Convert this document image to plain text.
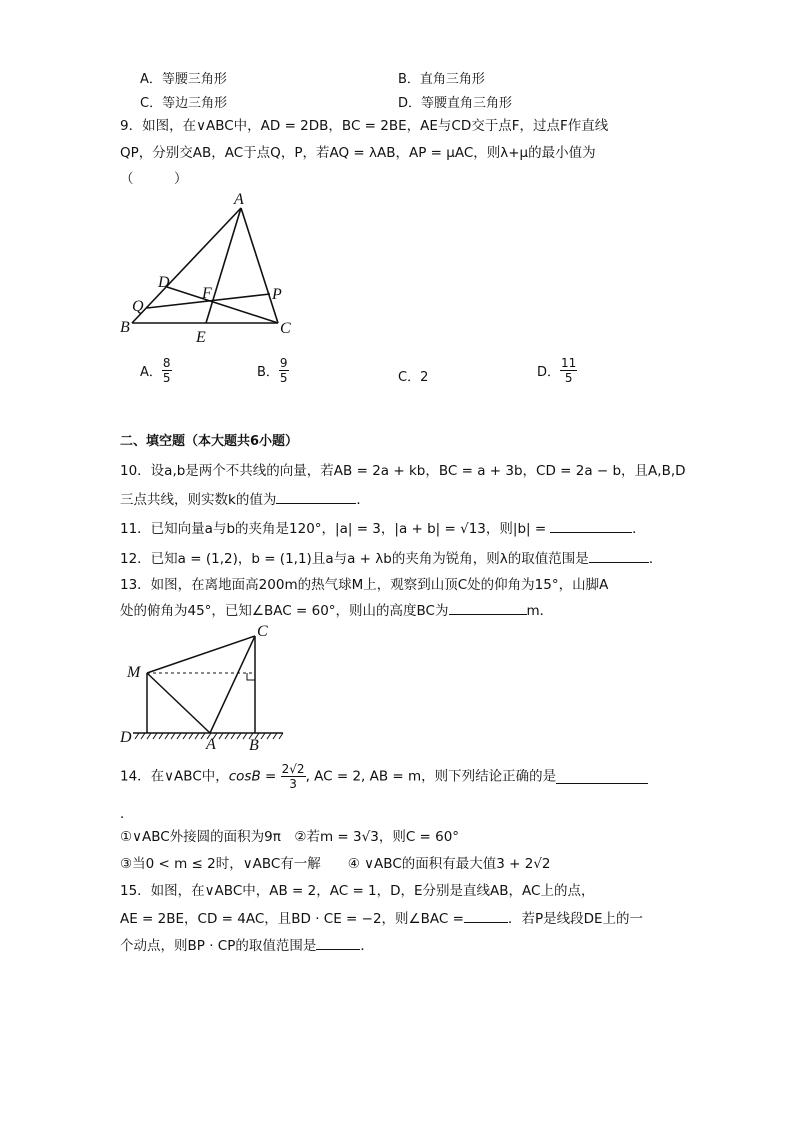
A．等腰三角形	B．直角三角形
C．等边三角形	D．等腰直角三角形
9．如图，在∨ABC中，AD = 2DB，BC = 2BE，AE与CD交于点F，过点F作直线
QP，分别交AB，AC于点Q，P，若AQ = λAB，AP = μAC，则λ+μ的最小值为
（　　　）
A
D
F	P
Q
B	C
E
A． $\frac{8}{5}$	B． $\frac{9}{5}$	C．2	D． $\frac{11}{5}$
二、填空题（本大题共6小题）
10．设a,b是两个不共线的向量，若AB = 2a + kb，BC = a + 3b，CD = 2a − b，且A,B,D
三点共线，则实数k的值为	．
11．已知向量a与b的夹角是120°，|a| = 3，|a + b| = √13，则|b| =	．
12．已知a = (1,2)，b = (1,1)且a与a + λb的夹角为锐角，则λ的取值范围是	．
13．如图，在离地面高200m的热气球M上，观察到山顶C处的仰角为15°，山脚A
处的俯角为45°，已知∠BAC = 60°，则山的高度BC为	m．
C
M
D	A B
14．在∨ABC中，$\cos B = \frac{2√2}{3}$ , AC = 2, AB = m，则下列结论正确的是
．
①∨ABC外接圆的面积为9π　②若m = 3√3，则C = 60°
③当0 < m ≤ 2时，∨ABC有一解　　④ ∨ABC的面积有最大值3 + 2√2
15．如图，在∨ABC中，AB = 2，AC = 1，D，E分别是直线AB，AC上的点，
AE = 2BE，CD = 4AC，且BD · CE = −2，则∠BAC =	．若P是线段DE上的一
个动点，则BP · CP的取值范围是	．
